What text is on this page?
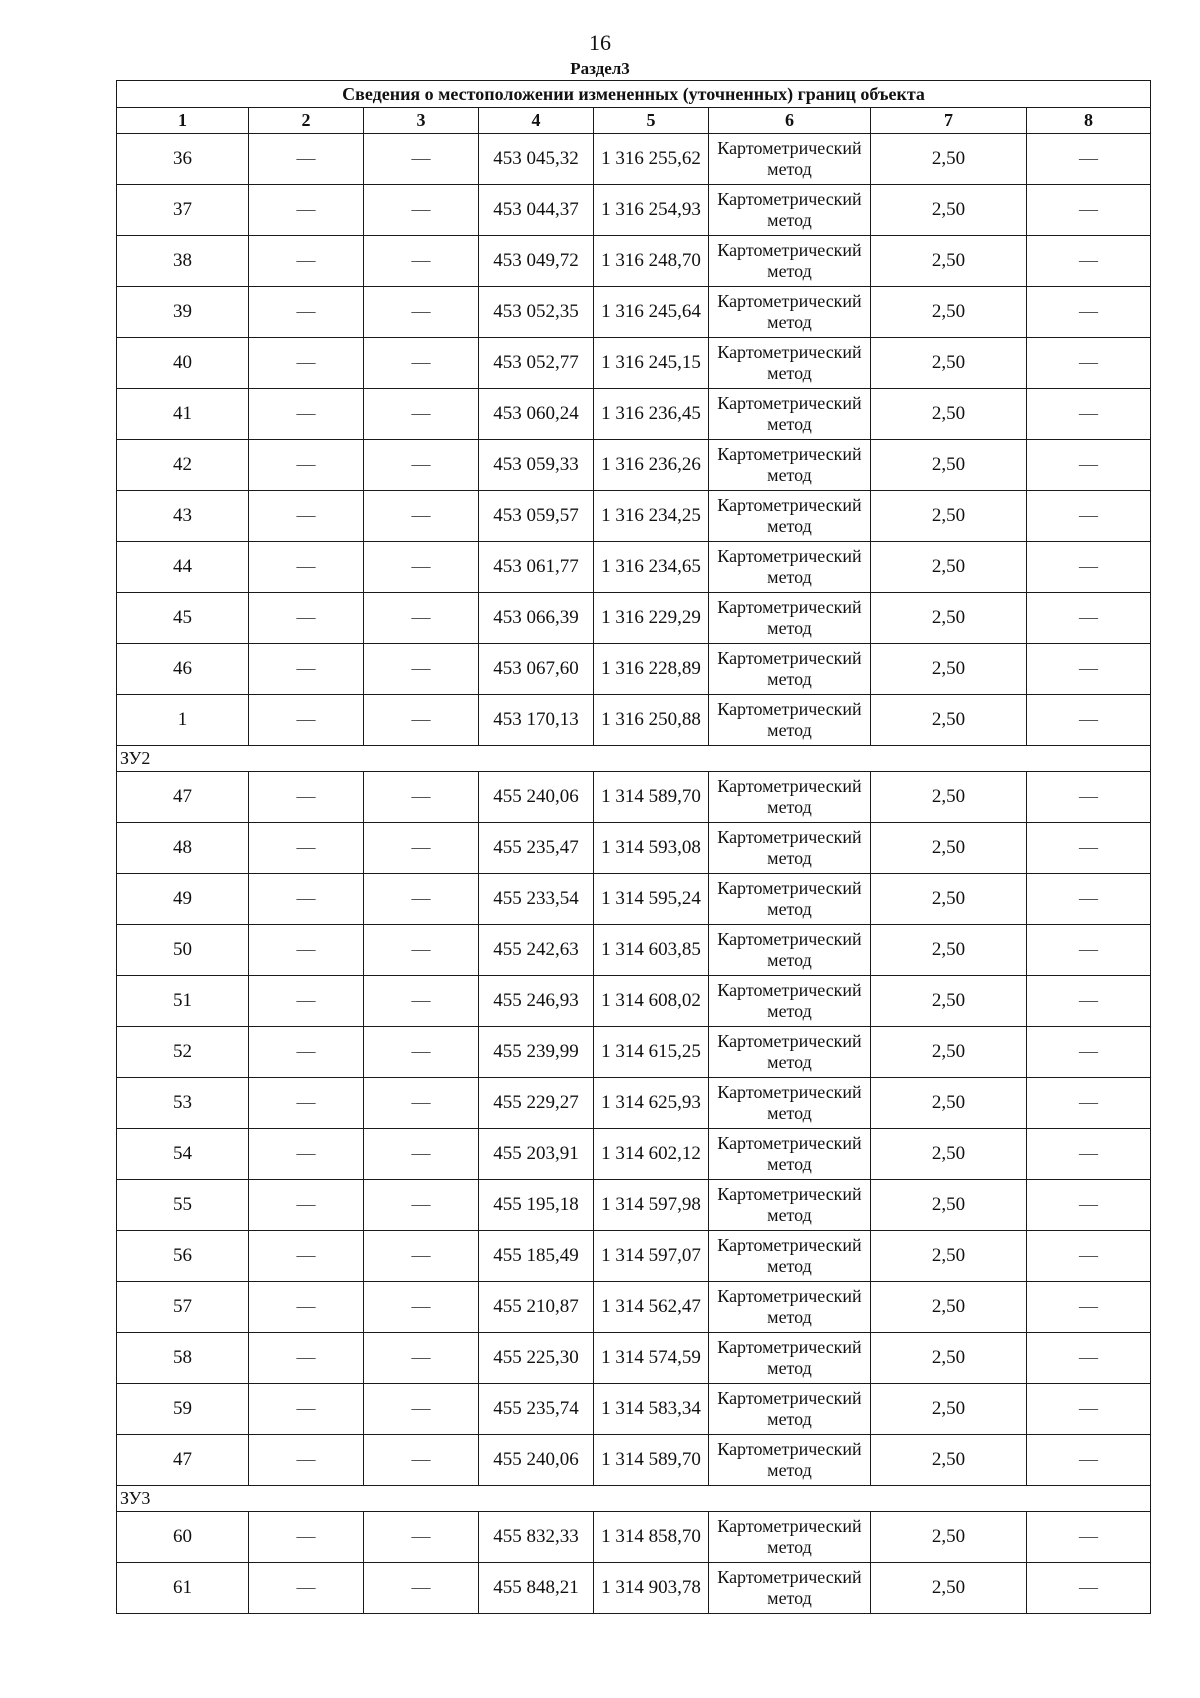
16
Раздел3
Сведения о местоположении измененных (уточненных) границ объекта							
1	2	3	4	5	6	7	8
36	—	—	453 045,32	1 316 255,62	Картометрический метод	2,50	—
37	—	—	453 044,37	1 316 254,93	Картометрический метод	2,50	—
38	—	—	453 049,72	1 316 248,70	Картометрический метод	2,50	—
39	—	—	453 052,35	1 316 245,64	Картометрический метод	2,50	—
40	—	—	453 052,77	1 316 245,15	Картометрический метод	2,50	—
41	—	—	453 060,24	1 316 236,45	Картометрический метод	2,50	—
42	—	—	453 059,33	1 316 236,26	Картометрический метод	2,50	—
43	—	—	453 059,57	1 316 234,25	Картометрический метод	2,50	—
44	—	—	453 061,77	1 316 234,65	Картометрический метод	2,50	—
45	—	—	453 066,39	1 316 229,29	Картометрический метод	2,50	—
46	—	—	453 067,60	1 316 228,89	Картометрический метод	2,50	—
1	—	—	453 170,13	1 316 250,88	Картометрический метод	2,50	—
ЗУ2							
47	—	—	455 240,06	1 314 589,70	Картометрический метод	2,50	—
48	—	—	455 235,47	1 314 593,08	Картометрический метод	2,50	—
49	—	—	455 233,54	1 314 595,24	Картометрический метод	2,50	—
50	—	—	455 242,63	1 314 603,85	Картометрический метод	2,50	—
51	—	—	455 246,93	1 314 608,02	Картометрический метод	2,50	—
52	—	—	455 239,99	1 314 615,25	Картометрический метод	2,50	—
53	—	—	455 229,27	1 314 625,93	Картометрический метод	2,50	—
54	—	—	455 203,91	1 314 602,12	Картометрический метод	2,50	—
55	—	—	455 195,18	1 314 597,98	Картометрический метод	2,50	—
56	—	—	455 185,49	1 314 597,07	Картометрический метод	2,50	—
57	—	—	455 210,87	1 314 562,47	Картометрический метод	2,50	—
58	—	—	455 225,30	1 314 574,59	Картометрический метод	2,50	—
59	—	—	455 235,74	1 314 583,34	Картометрический метод	2,50	—
47	—	—	455 240,06	1 314 589,70	Картометрический метод	2,50	—
ЗУ3							
60	—	—	455 832,33	1 314 858,70	Картометрический метод	2,50	—
61	—	—	455 848,21	1 314 903,78	Картометрический метод	2,50	—
